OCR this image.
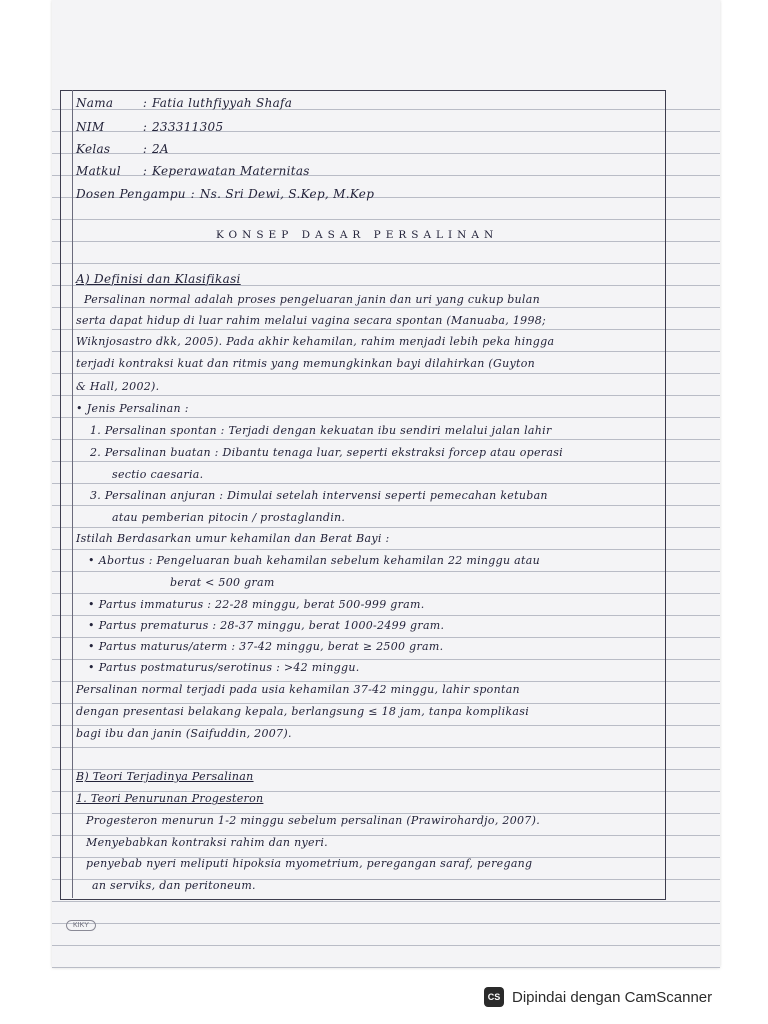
Nama : Fatia luthfiyyah Shafa
NIM	: 233311305
Kelas	: 2A
Matkul : Keperawatan Maternitas
Dosen Pengampu : Ns. Sri Dewi, S.Kep, M.Kep
KONSEP DASAR PERSALINAN
A) Definisi dan Klasifikasi
Persalinan normal adalah proses pengeluaran janin dan uri yang cukup bulan
serta dapat hidup di luar rahim melalui vagina secara spontan (Manuaba, 1998;
Wiknjosastro dkk, 2005). Pada akhir kehamilan, rahim menjadi lebih peka hingga
terjadi kontraksi kuat dan ritmis yang memungkinkan bayi dilahirkan (Guyton
& Hall, 2002).
• Jenis Persalinan :
1. Persalinan spontan : Terjadi dengan kekuatan ibu sendiri melalui jalan lahir
2. Persalinan buatan : Dibantu tenaga luar, seperti ekstraksi forcep atau operasi
sectio caesaria.
3. Persalinan anjuran : Dimulai setelah intervensi seperti pemecahan ketuban
atau pemberian pitocin / prostaglandin.
Istilah Berdasarkan umur kehamilan dan Berat Bayi :
• Abortus : Pengeluaran buah kehamilan sebelum kehamilan 22 minggu atau
berat < 500 gram
• Partus immaturus : 22-28 minggu, berat 500-999 gram.
• Partus prematurus : 28-37 minggu, berat 1000-2499 gram.
• Partus maturus/aterm : 37-42 minggu, berat ≥ 2500 gram.
• Partus postmaturus/serotinus : >42 minggu.
Persalinan normal terjadi pada usia kehamilan 37-42 minggu, lahir spontan
dengan presentasi belakang kepala, berlangsung ≤ 18 jam, tanpa komplikasi
bagi ibu dan janin (Saifuddin, 2007).
B) Teori Terjadinya Persalinan
1. Teori Penurunan Progesteron
Progesteron menurun 1-2 minggu sebelum persalinan (Prawirohardjo, 2007).
Menyebabkan kontraksi rahim dan nyeri.
penyebab nyeri meliputi hipoksia myometrium, peregangan saraf, peregang
an serviks, dan peritoneum.
KIKY
CS Dipindai dengan CamScanner
